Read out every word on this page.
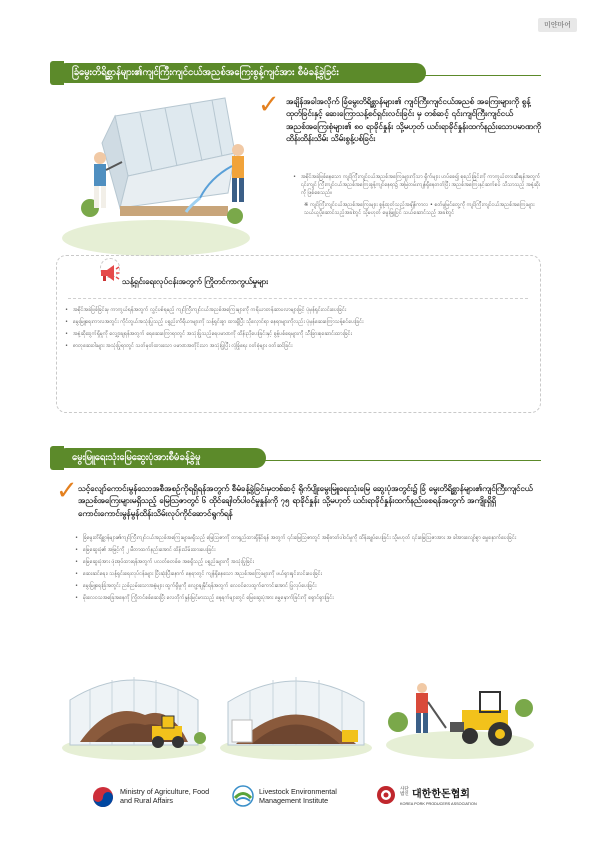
미얀마어
ခြံမွေးတိရိစ္ဆာန်များ၏ကျင်ကြီးကျင်ငယ်အညစ်အကြေးစွန့်ကျင်အား စီမံခန့်ခွဲခြင်း
✓ အချိန်အခါအလိုက် ခြံမွေးတိရိစ္ဆာန်များ၏ ကျင်ကြီးကျင်ငယ်အညစ် အကြေးများကို စွန့်ထုတ်ခြင်းနှင့် ဆေးကြောသန့်စင်ရှင်းလင်းခြင်း မှ တစ်ဆင့် ၎င်းကျင်ကြီးကျင်ငယ်အညစ်အကြေးစုံများ၏ ၈၀ ရာခိုင်နှုန်း သို့မဟုတ် ယင်းရာခိုင်နှုန်းထက်နည်းသောပမာဏကို ထိန်းထိန်းသိမ်း သိမ်းစွန့်ပစ်ခြင်း
• အစိုင်အခဲဖြစ်နေသော ကျင်ကြီးကျင်ငယ်အညစ်အကြေးများကိုသာ ရှိက်များ ဟပ်စေ၍ စုစည်းခြင်းကို ကာကွယ်တားဆီးရန်အတွက် ၎င်းကျင် ကြီးကျင်ငယ်အညစ်အကြေးစွန့်ကျင်နေရာ၌ အမြဲတမ်းကျန်ရှိနေတတ်ပြီး အညစ်အကြေးနှင့်ဆက်စပ် သိသာသည့် အနံ့ဆိုးကို ဖြစ်စေသည်။
※ ကျင်ကြီးကျင်ငယ်အညစ်အကြေးများ စွန့်ထုတ်သည့်အချိန်ကာလ • စတ်မှုမြင်တွေ့ကို ကျင်ကြီးကျင်ငယ်အညစ်အကြေးများ သယ်ယူပို့ဆောင်သည့်အခါတွင် သို့မဟုတ် မွေးမြူပြင် သယ်ဆောင်သည့် အခါတွင်
သန့်ရှင်းရေးလုပ်ငန်းအတွက် ကြိုတင်ကာကွယ်မှုများ
• အစိုင်အခဲဖြစ်ခြင်းမှ ကာကွယ်ရန်အတွက် လွှင့်ပစ်ရမည့် ကျင်ကြီးကျင်ငယ်အညစ်အကြေးများကို ကရိယာတန်ဆာပလာများဖြင့် ပုံမှန်ရှင်းလင်းပေးခြင်း
• မွေးမြူရေးကာလအတွင်း ကိုင်တွယ်အသုံးပြုသည့် ပစ္စည်းကိရိယာများကို သန့်ရှင်းစွာ ထားရှိပြီး သိုလှောင်ရာ နေရာများကိုလည်း ပုံမှန်ဆေးကြောသန့်စင်ပေးခြင်း
• အနံ့ဆိုးထွက်ရှိမှုကို လျှော့ချရန်အတွက် ရေဆေးကြောရာတွင် အသုံးပြုသည့်ရေပမာဏကို ထိန်းညှိပေးခြင်းနှင့် စွန့်ပစ်ရေများကို သီးခြားစုဆောင်းထားခြင်း
• ဓာတုဆေးဝါးများ အသုံးပြုရာတွင် သတ်မှတ်ထားသော ပမာဏအတိုင်းသာ အသုံးပြုပြီး လုံခြုံရေး ဝတ်စုံများ ဝတ်ဆင်ခြင်း
မွေးမြူရေးသုံးမြေဆွေးပုံအားစီမံခန့်ခွဲမှု
✓ သင့်လျော်ကောင်းမွန်သောအစီအစဉ်ကိုရရှိရန်အတွက် စီမံခန့်ခွဲခြင်းမှတစ်ဆင့် ရိုက်ပျိုးမွေးမြူရေးသုံးမြေ ဆွေးပုံအတွင်း၌ ခြံ မွေးတိရိစ္ဆာန်များ၏ကျင်ကြီးကျင်ငယ်အညစ်အကြေးများမရှိသည့် မြေဩဇာတွင် ၆ ထိုင်ချေါတ်ပါဝင်မှုနှုန်းကို ၇၅ ရာခိုင်နှုန်း သို့မဟုတ် ယင်းရာခိုင်နှုန်းထက်နည်းစေရန်အတွက် အကျိုးရှိရှိ ကောင်းကောင်းမွန်မွန်ထိန်းသိမ်းလုပ်ကိုင်ဆောင်ရွက်ရန်
• ခြံမွေးတိရိစ္ဆာန်များ၏ကျင်ကြီးကျင်ငယ်အညစ်အကြေးများမရှိသည့် မြေဩဇာကို တာရှည်ထားရှိနိုင်ရန် အတွက် ၎င်းမြေဩဇာတွင် အစိုဓာတ်ပါဝင်မှုကို ထိန်းချုပ်ပေးခြင်း သို့မဟုတ် ၎င်းမြေဩဇာအား အ ခါအားလျော်စွာ မွှေနှောက်ပေးခြင်း
• မြေဆွေးပုံ၏ အမြင့်ကို ၂ မီတာထက်နည်းအောင် ထိန်းသိမ်းထားပေးခြင်း
• မြေဆွေးပုံအား ဖုံးအုပ်ထားရန်အတွက် ပလတ်စတစ်စ အစရှိသည့် ပစ္စည်းများကို အသုံးပြုခြင်း
• ဆေးဆင်ရေး၊ သန့်ရှင်းရေးလုပ်ငန်းများ ပြီးဆုံးပြီးနောက် နေရာတွင် ကျန်ရှိနေသော အညစ်အကြေးများကို ဖယ်ရှားရှင်းလင်းပေးခြင်း
• မွေးမြူရေးခြံအတွင်း ညစ်ညမ်းသောအနံ့များ ထွက်ရှိမှုကို လျော့ချနိုင်ရန်အတွက် လေဝင်လေထွက်ကောင်းအောင် ပြုလုပ်ပေးခြင်း
• မိုးလေဝသအခြေအနေကို ကြိုတင်စစ်ဆေးပြီး လေတိုက်နှုန်းမြင့်မားသည့် နေ့ရက်များတွင် မြေဆွေးပုံအား မွှေနှောက်ခြင်းကို ရှောင်ရှားခြင်း
Ministry of Agriculture, Food
and Rural Affairs
Livestock Environmental
Management Institute
사단법인 대한한돈협회
KOREA PORK PRODUCERS ASSOCIATION
